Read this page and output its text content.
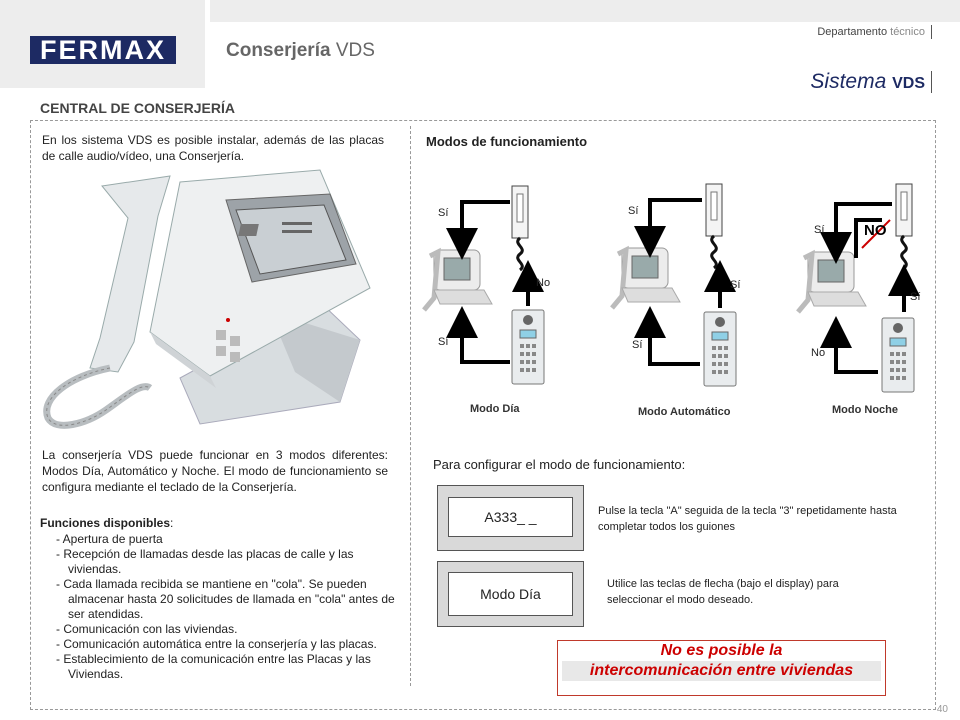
FERMAX	Conserjería VDS
Departamento técnico
Sistema VDS
CENTRAL DE CONSERJERÍA
En los sistema VDS es posible instalar, además de las placas de calle audio/vídeo, una Conserjería.
La conserjería VDS puede funcionar en 3 modos diferentes: Modos Día, Automático y Noche. El modo de funcionamiento se configura mediante el teclado de la Conserjería.
Funciones disponibles:
- Apertura de puerta
- Recepción de llamadas desde las placas de calle y las viviendas.
- Cada llamada recibida se mantiene en "cola". Se pueden almacenar hasta 20 solicitudes de llamada en "cola" antes de ser atendidas.
- Comunicación con las viviendas.
- Comunicación automática entre la conserjería y las placas.
- Establecimiento de la comunicación entre las Placas y las Viviendas.
Modos de funcionamiento
Sí
No
Sí
Modo Día
Sí
Sí
Sí
Modo Automático
Sí	NO
Sí
No
Modo Noche
Para configurar el modo de funcionamiento:
A333_ _	Pulse la tecla "A" seguida de la tecla "3" repetidamente hasta completar todos los guiones
Modo Día
Utilice las teclas de flecha (bajo el display) para seleccionar el modo deseado.
No es posible la
intercomunicación entre viviendas
40
